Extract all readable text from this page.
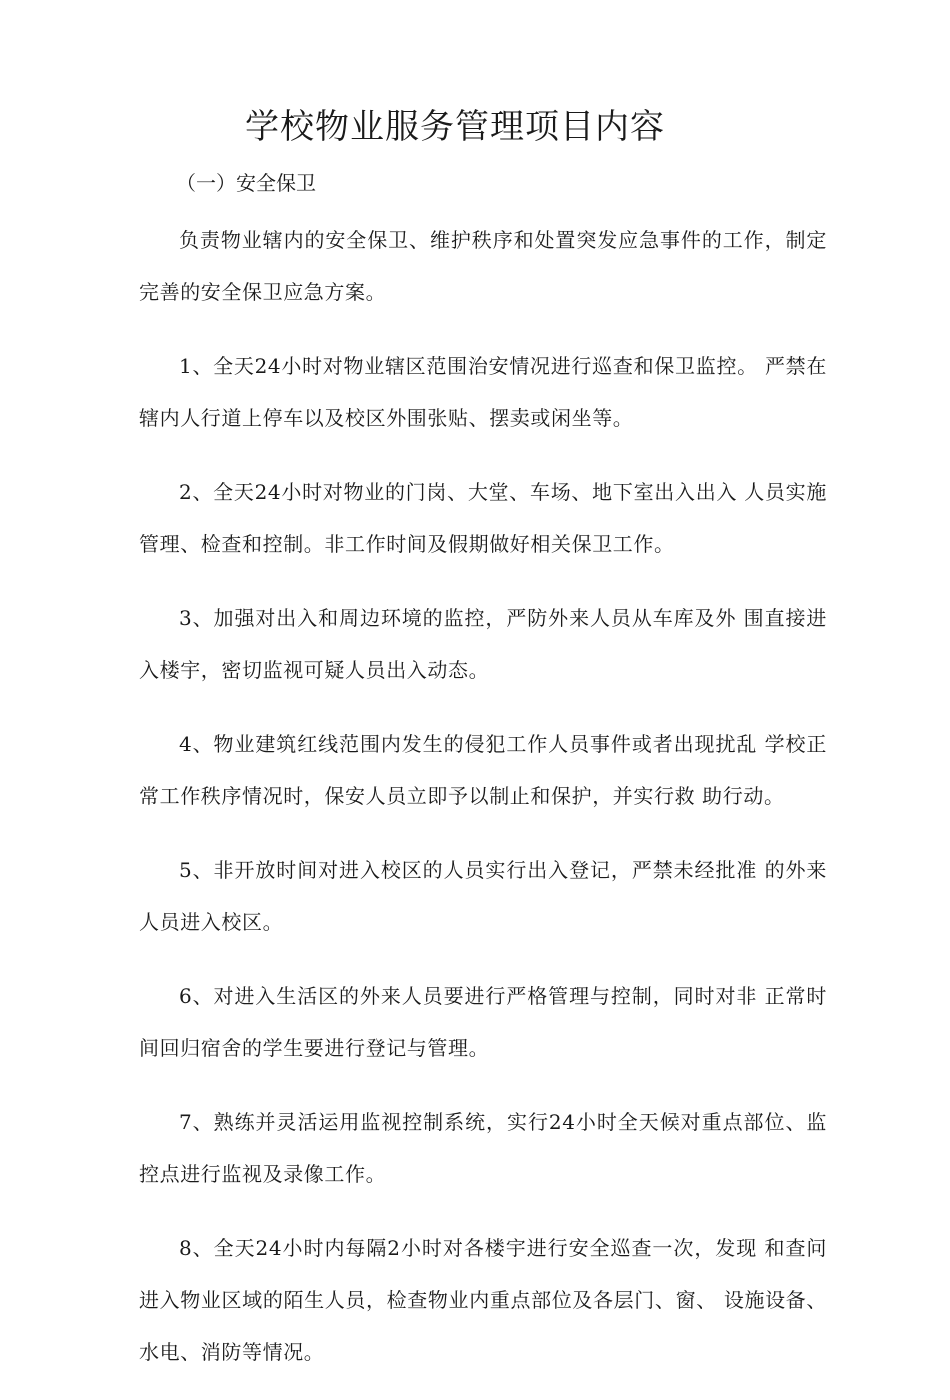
学校物业服务管理项目内容
（一）安全保卫

负责物业辖内的安全保卫、维护秩序和处置突发应急事件的工作，制定完善的安全保卫应急方案。

1、全天24小时对物业辖区范围治安情况进行巡查和保卫监控。 严禁在辖内人行道上停车以及校区外围张贴、摆卖或闲坐等。

2、全天24小时对物业的门岗、大堂、车场、地下室出入出入 人员实施管理、检查和控制。非工作时间及假期做好相关保卫工作。

3、加强对出入和周边环境的监控，严防外来人员从车库及外 围直接进入楼宇，密切监视可疑人员出入动态。

4、物业建筑红线范围内发生的侵犯工作人员事件或者出现扰乱 学校正常工作秩序情况时，保安人员立即予以制止和保护，并实行救 助行动。

5、非开放时间对进入校区的人员实行出入登记，严禁未经批准 的外来人员进入校区。

6、对进入生活区的外来人员要进行严格管理与控制，同时对非 正常时间回归宿舍的学生要进行登记与管理。

7、熟练并灵活运用监视控制系统，实行24小时全天候对重点部位、监控点进行监视及录像工作。

8、全天24小时内每隔2小时对各楼宇进行安全巡查一次，发现 和查问进入物业区域的陌生人员，检查物业内重点部位及各层门、窗、 设施设备、水电、消防等情况。
